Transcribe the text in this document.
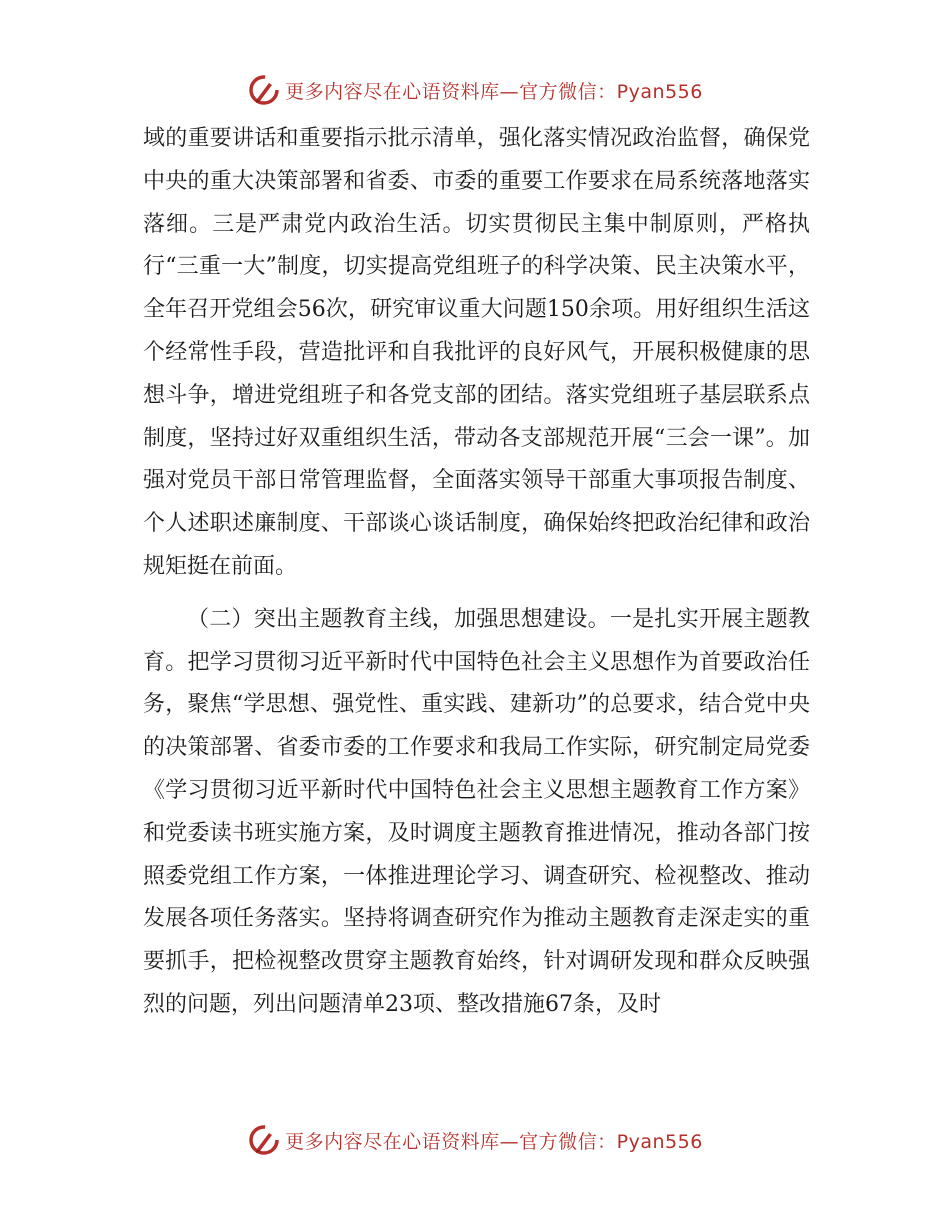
更多内容尽在心语资料库—官方微信：Pyan556

域的重要讲话和重要指示批示清单，强化落实情况政治监督，确保党中央的重大决策部署和省委、市委的重要工作要求在局系统落地落实落细。三是严肃党内政治生活。切实贯彻民主集中制原则，严格执行“三重一大”制度，切实提高党组班子的科学决策、民主决策水平，全年召开党组会56次，研究审议重大问题150余项。用好组织生活这个经常性手段，营造批评和自我批评的良好风气，开展积极健康的思想斗争，增进党组班子和各党支部的团结。落实党组班子基层联系点制度，坚持过好双重组织生活，带动各支部规范开展“三会一课”。加强对党员干部日常管理监督，全面落实领导干部重大事项报告制度、个人述职述廉制度、干部谈心谈话制度，确保始终把政治纪律和政治规矩挺在前面。

（二）突出主题教育主线，加强思想建设。一是扎实开展主题教育。把学习贯彻习近平新时代中国特色社会主义思想作为首要政治任务，聚焦“学思想、强党性、重实践、建新功”的总要求，结合党中央的决策部署、省委市委的工作要求和我局工作实际，研究制定局党委《学习贯彻习近平新时代中国特色社会主义思想主题教育工作方案》和党委读书班实施方案，及时调度主题教育推进情况，推动各部门按照委党组工作方案，一体推进理论学习、调查研究、检视整改、推动发展各项任务落实。坚持将调查研究作为推动主题教育走深走实的重要抓手，把检视整改贯穿主题教育始终，针对调研发现和群众反映强烈的问题，列出问题清单23项、整改措施67条，及时

更多内容尽在心语资料库—官方微信：Pyan556
